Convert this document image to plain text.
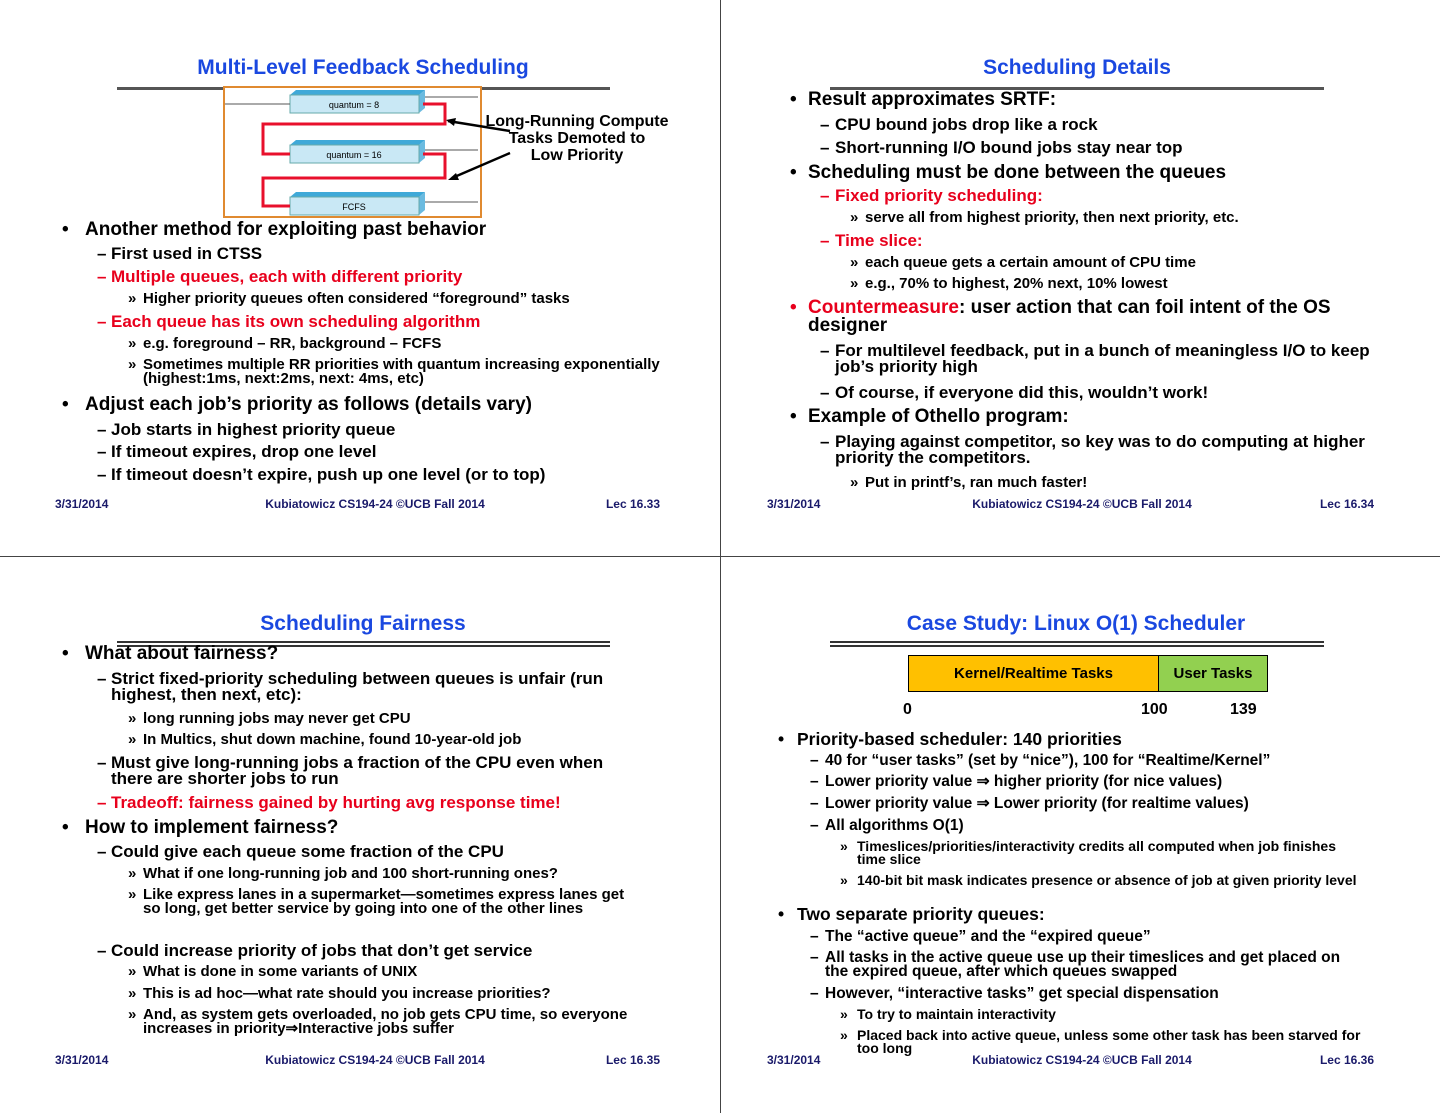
Multi-Level Feedback Scheduling
quantum = 8
quantum = 16
FCFS
Long-Running Compute
Tasks Demoted to
Low Priority
3/31/2014	Kubiatowicz CS194-24 ©UCB Fall 2014	Lec 16.33
• Another method for exploiting past behavior
– First used in CTSS
– Multiple queues, each with different priority
» Higher priority queues often considered “foreground” tasks
– Each queue has its own scheduling algorithm
» e.g. foreground – RR, background – FCFS
» Sometimes multiple RR priorities with quantum increasing exponentially (highest:1ms, next:2ms, next: 4ms, etc)
• Adjust each job’s priority as follows (details vary)
– Job starts in highest priority queue
– If timeout expires, drop one level
– If timeout doesn’t expire, push up one level (or to top)
Scheduling Details
3/31/2014	Kubiatowicz CS194-24 ©UCB Fall 2014	Lec 16.34
• Result approximates SRTF:
– CPU bound jobs drop like a rock
– Short-running I/O bound jobs stay near top
• Scheduling must be done between the queues
– Fixed priority scheduling:
» serve all from highest priority, then next priority, etc.
– Time slice:
» each queue gets a certain amount of CPU time
» e.g., 70% to highest, 20% next, 10% lowest
• Countermeasure: user action that can foil intent of the OS designer
– For multilevel feedback, put in a bunch of meaningless I/O to keep job’s priority high
– Of course, if everyone did this, wouldn’t work!
• Example of Othello program:
– Playing against competitor, so key was to do computing at higher priority the competitors.
» Put in printf’s, ran much faster!
Scheduling Fairness
3/31/2014	Kubiatowicz CS194-24 ©UCB Fall 2014	Lec 16.35
• What about fairness?
– Strict fixed-priority scheduling between queues is unfair (run highest, then next, etc):
» long running jobs may never get CPU
» In Multics, shut down machine, found 10-year-old job
– Must give long-running jobs a fraction of the CPU even when there are shorter jobs to run
– Tradeoff: fairness gained by hurting avg response time!
• How to implement fairness?
– Could give each queue some fraction of the CPU
» What if one long-running job and 100 short-running ones?
» Like express lanes in a supermarket—sometimes express lanes get so long, get better service by going into one of the other lines
– Could increase priority of jobs that don’t get service
» What is done in some variants of UNIX
» This is ad hoc—what rate should you increase priorities?
» And, as system gets overloaded, no job gets CPU time, so everyone increases in priority⇒Interactive jobs suffer
Case Study: Linux O(1) Scheduler
Kernel/Realtime Tasks	User Tasks
0	100	139
3/31/2014	Kubiatowicz CS194-24 ©UCB Fall 2014	Lec 16.36
• Priority-based scheduler: 140 priorities
– 40 for “user tasks” (set by “nice”), 100 for “Realtime/Kernel”
– Lower priority value ⇒ higher priority (for nice values)
– Lower priority value ⇒ Lower priority (for realtime values)
– All algorithms O(1)
» Timeslices/priorities/interactivity credits all computed when job finishes time slice
» 140-bit bit mask indicates presence or absence of job at given priority level
• Two separate priority queues:
– The “active queue” and the “expired queue”
– All tasks in the active queue use up their timeslices and get placed on the expired queue, after which queues swapped
– However, “interactive tasks” get special dispensation
» To try to maintain interactivity
» Placed back into active queue, unless some other task has been starved for too long
